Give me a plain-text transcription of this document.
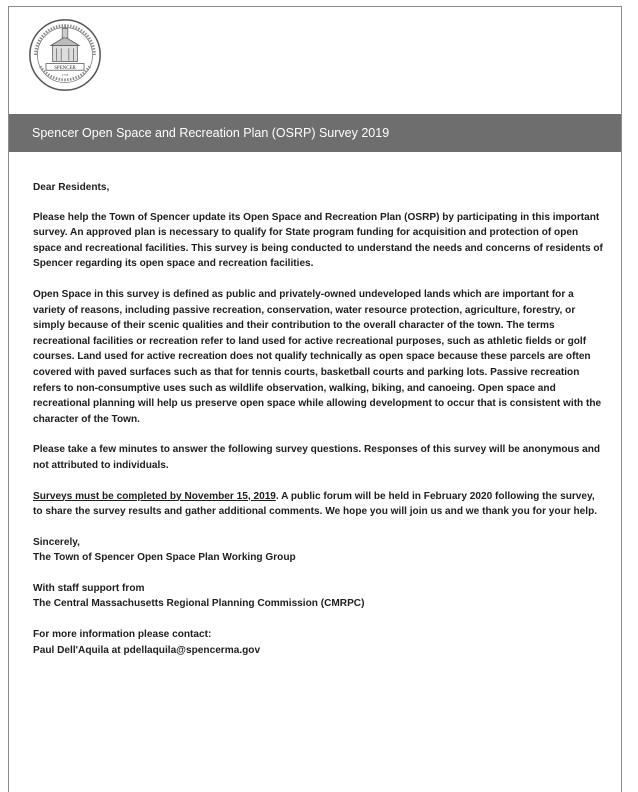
SPENCER
1753
Spencer Open Space and Recreation Plan (OSRP) Survey 2019

Dear Residents,

Please help the Town of Spencer update its Open Space and Recreation Plan (OSRP) by participating in this important survey. An approved plan is necessary to qualify for State program funding for acquisition and protection of open space and recreational facilities. This survey is being conducted to understand the needs and concerns of residents of Spencer regarding its open space and recreation facilities.

Open Space in this survey is defined as public and privately-owned undeveloped lands which are important for a variety of reasons, including passive recreation, conservation, water resource protection, agriculture, forestry, or simply because of their scenic qualities and their contribution to the overall character of the town. The terms recreational facilities or recreation refer to land used for active recreational purposes, such as athletic fields or golf courses. Land used for active recreation does not qualify technically as open space because these parcels are often covered with paved surfaces such as that for tennis courts, basketball courts and parking lots. Passive recreation refers to non-consumptive uses such as wildlife observation, walking, biking, and canoeing. Open space and recreational planning will help us preserve open space while allowing development to occur that is consistent with the character of the Town.

Please take a few minutes to answer the following survey questions. Responses of this survey will be anonymous and not attributed to individuals.

Surveys must be completed by November 15, 2019. A public forum will be held in February 2020 following the survey, to share the survey results and gather additional comments. We hope you will join us and we thank you for your help.

Sincerely,

The Town of Spencer Open Space Plan Working Group

With staff support from

The Central Massachusetts Regional Planning Commission (CMRPC)

For more information please contact:

Paul Dell'Aquila at pdellaquila@spencerma.gov
